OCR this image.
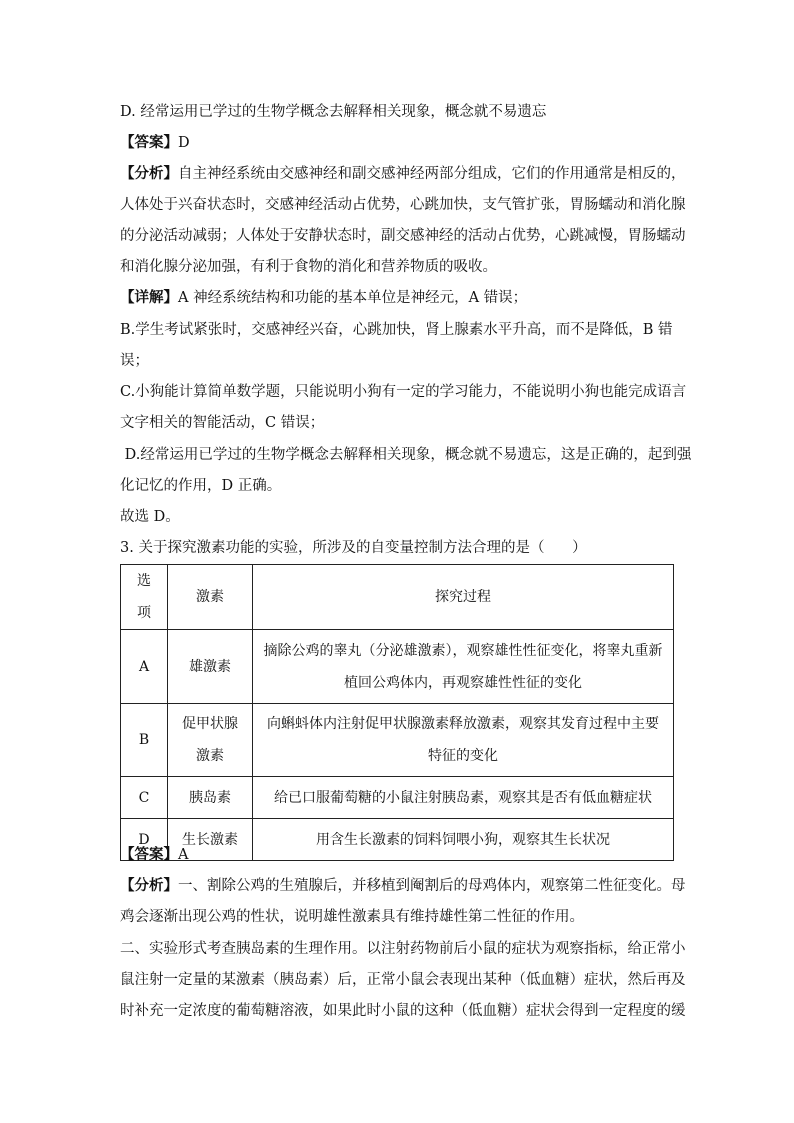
D. 经常运用已学过的生物学概念去解释相关现象，概念就不易遗忘
【答案】D
【分析】自主神经系统由交感神经和副交感神经两部分组成，它们的作用通常是相反的，
人体处于兴奋状态时，交感神经活动占优势，心跳加快，支气管扩张，胃肠蠕动和消化腺
的分泌活动减弱；人体处于安静状态时，副交感神经的活动占优势，心跳减慢，胃肠蠕动
和消化腺分泌加强，有利于食物的消化和营养物质的吸收。
【详解】A 神经系统结构和功能的基本单位是神经元，A 错误；
B.学生考试紧张时，交感神经兴奋，心跳加快，肾上腺素水平升高，而不是降低，B 错
误；
C.小狗能计算简单数学题，只能说明小狗有一定的学习能力，不能说明小狗也能完成语言
文字相关的智能活动，C 错误；
D.经常运用已学过的生物学概念去解释相关现象，概念就不易遗忘，这是正确的，起到强
化记忆的作用，D 正确。
故选 D。
3. 关于探究激素功能的实验，所涉及的自变量控制方法合理的是（      ）
选项	激素	探究过程
A	雄激素	摘除公鸡的睾丸（分泌雄激素），观察雄性性征变化，将睾丸重新植回公鸡体内，再观察雄性性征的变化
B	促甲状腺激素	向蝌蚪体内注射促甲状腺激素释放激素，观察其发育过程中主要特征的变化
C	胰岛素	给已口服葡萄糖的小鼠注射胰岛素，观察其是否有低血糖症状
D	生长激素	用含生长激素的饲料饲喂小狗，观察其生长状况
【答案】A
【分析】一、割除公鸡的生殖腺后，并移植到阉割后的母鸡体内，观察第二性征变化。母
鸡会逐渐出现公鸡的性状，说明雄性激素具有维持雄性第二性征的作用。
二、实验形式考查胰岛素的生理作用。以注射药物前后小鼠的症状为观察指标，给正常小
鼠注射一定量的某激素（胰岛素）后，正常小鼠会表现出某种（低血糖）症状，然后再及
时补充一定浓度的葡萄糖溶液，如果此时小鼠的这种（低血糖）症状会得到一定程度的缓
